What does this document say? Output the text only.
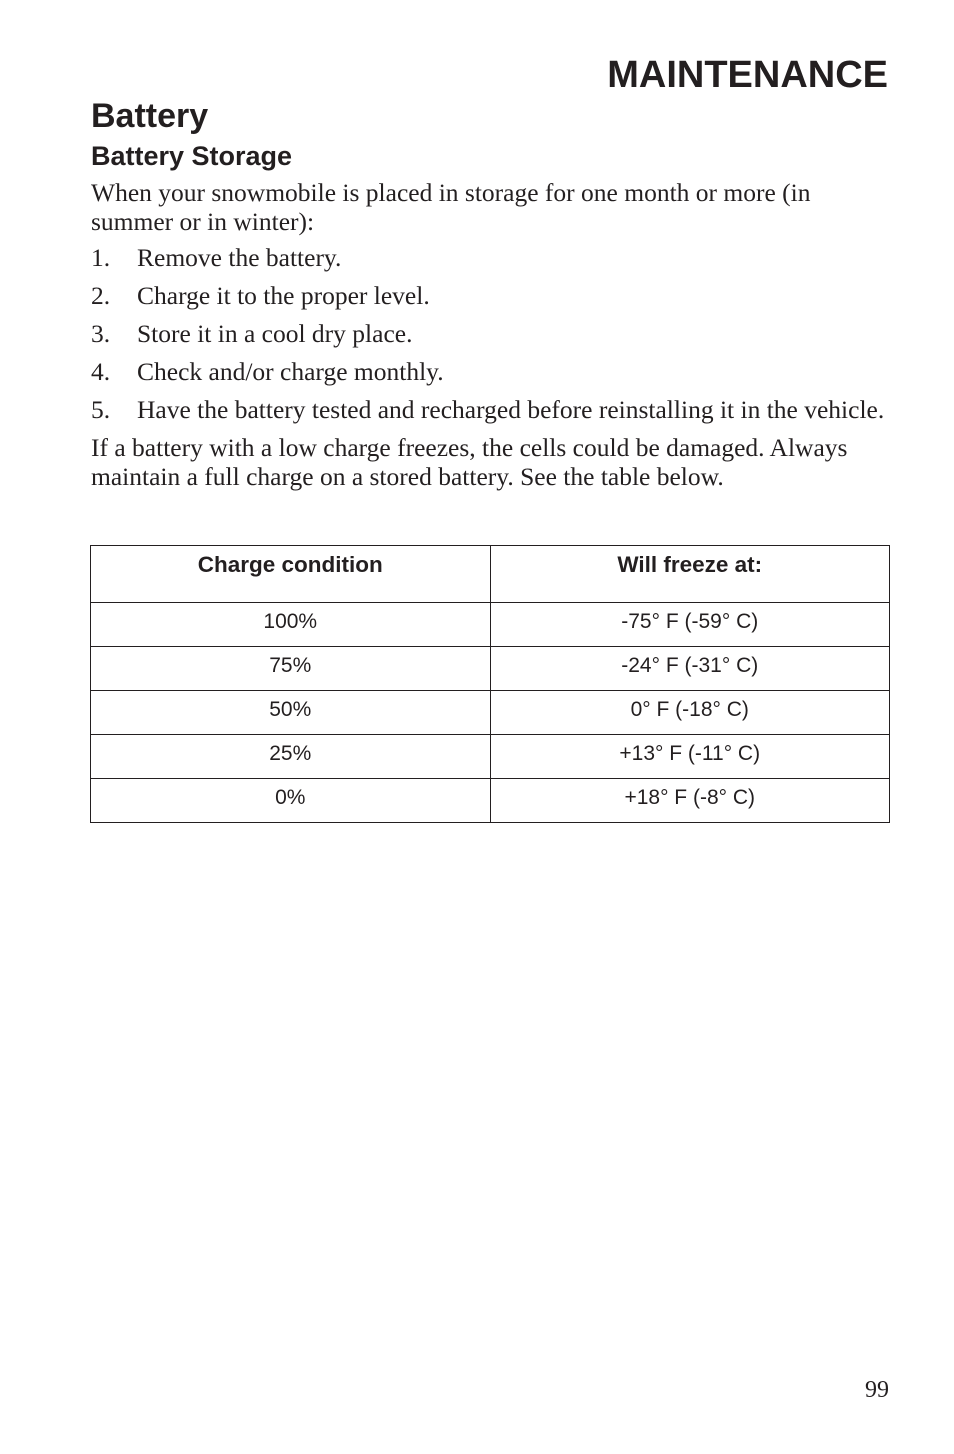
MAINTENANCE
Battery
Battery Storage

When your snowmobile is placed in storage for one month or more (in summer or in winter):

1.	Remove the battery.
2.	Charge it to the proper level.
3.	Store it in a cool dry place.
4.	Check and/or charge monthly.
5.	Have the battery tested and recharged before reinstalling it in the vehicle.

If a battery with a low charge freezes, the cells could be damaged. Always maintain a full charge on a stored battery. See the table below.

Charge condition	Will freeze at:
100%	-75° F (-59° C)
75%	-24° F (-31° C)
50%	0° F (-18° C)
25%	+13° F (-11° C)
0%	+18° F (-8° C)
99
